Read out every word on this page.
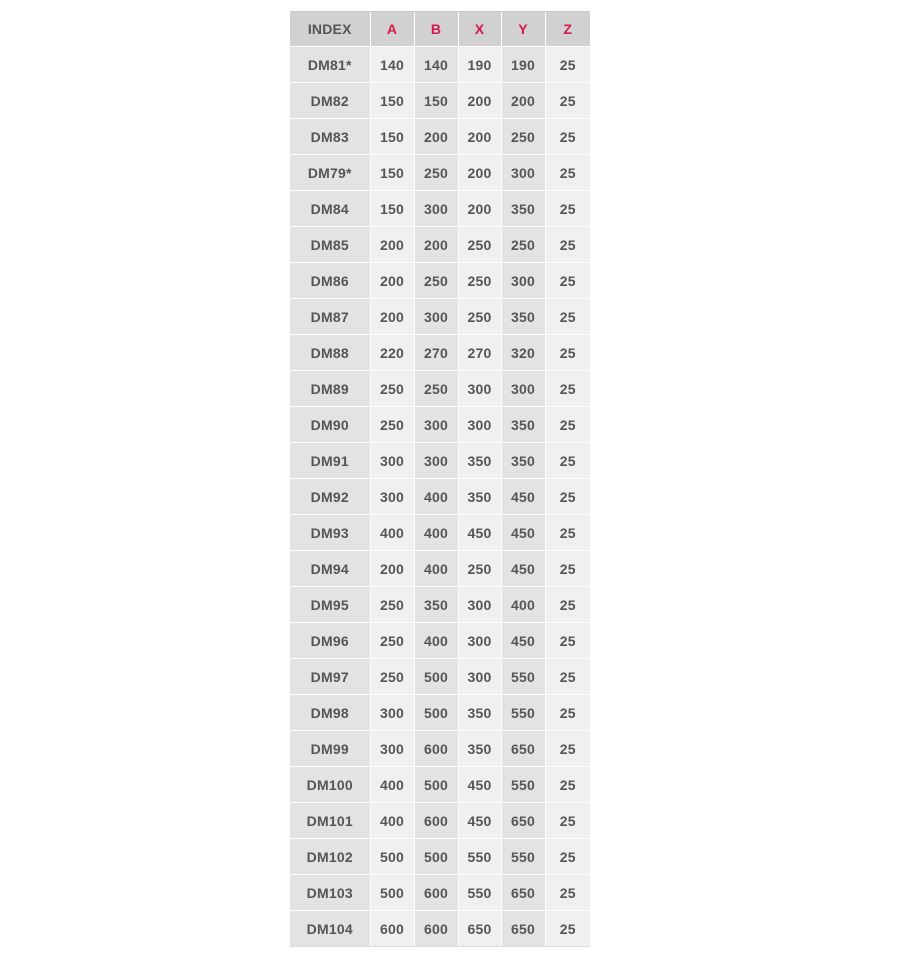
INDEX	A	B	X	Y	Z
DM81*	140	140	190	190	25
DM82	150	150	200	200	25
DM83	150	200	200	250	25
DM79*	150	250	200	300	25
DM84	150	300	200	350	25
DM85	200	200	250	250	25
DM86	200	250	250	300	25
DM87	200	300	250	350	25
DM88	220	270	270	320	25
DM89	250	250	300	300	25
DM90	250	300	300	350	25
DM91	300	300	350	350	25
DM92	300	400	350	450	25
DM93	400	400	450	450	25
DM94	200	400	250	450	25
DM95	250	350	300	400	25
DM96	250	400	300	450	25
DM97	250	500	300	550	25
DM98	300	500	350	550	25
DM99	300	600	350	650	25
DM100	400	500	450	550	25
DM101	400	600	450	650	25
DM102	500	500	550	550	25
DM103	500	600	550	650	25
DM104	600	600	650	650	25
